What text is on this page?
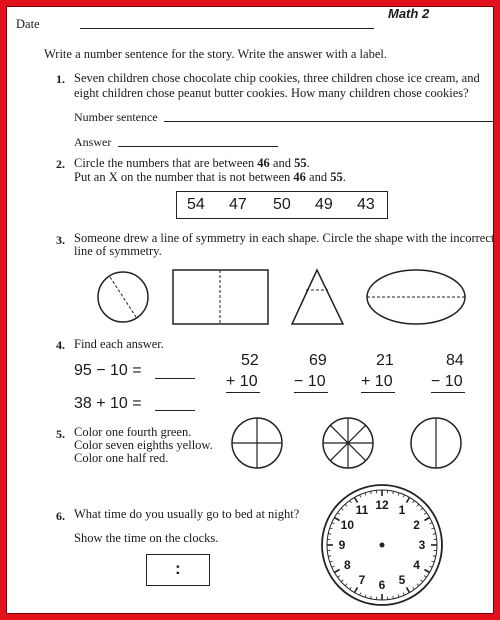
Date
Math 2
Write a number sentence for the story. Write the answer with a label.
1. Seven children chose chocolate chip cookies, three children chose ice cream, and
eight children chose peanut butter cookies. How many children chose cookies?
Number sentence
Answer
2. Circle the numbers that are between 46 and 55.
Put an X on the number that is not between 46 and 55.
54 47 50 49 43
3. Someone drew a line of symmetry in each shape. Circle the shape with the incorrect
line of symmetry.
4. Find each answer.
95 − 10 =
38 + 10 =
52
+ 10
69
− 10
21
+ 10
84
− 10
5. Color one fourth green.
Color seven eighths yellow.
Color one half red.
6. What time do you usually go to bed at night?
Show the time on the clocks.
:
12 1
2
3
4
5
6
7
8
9
10
11
